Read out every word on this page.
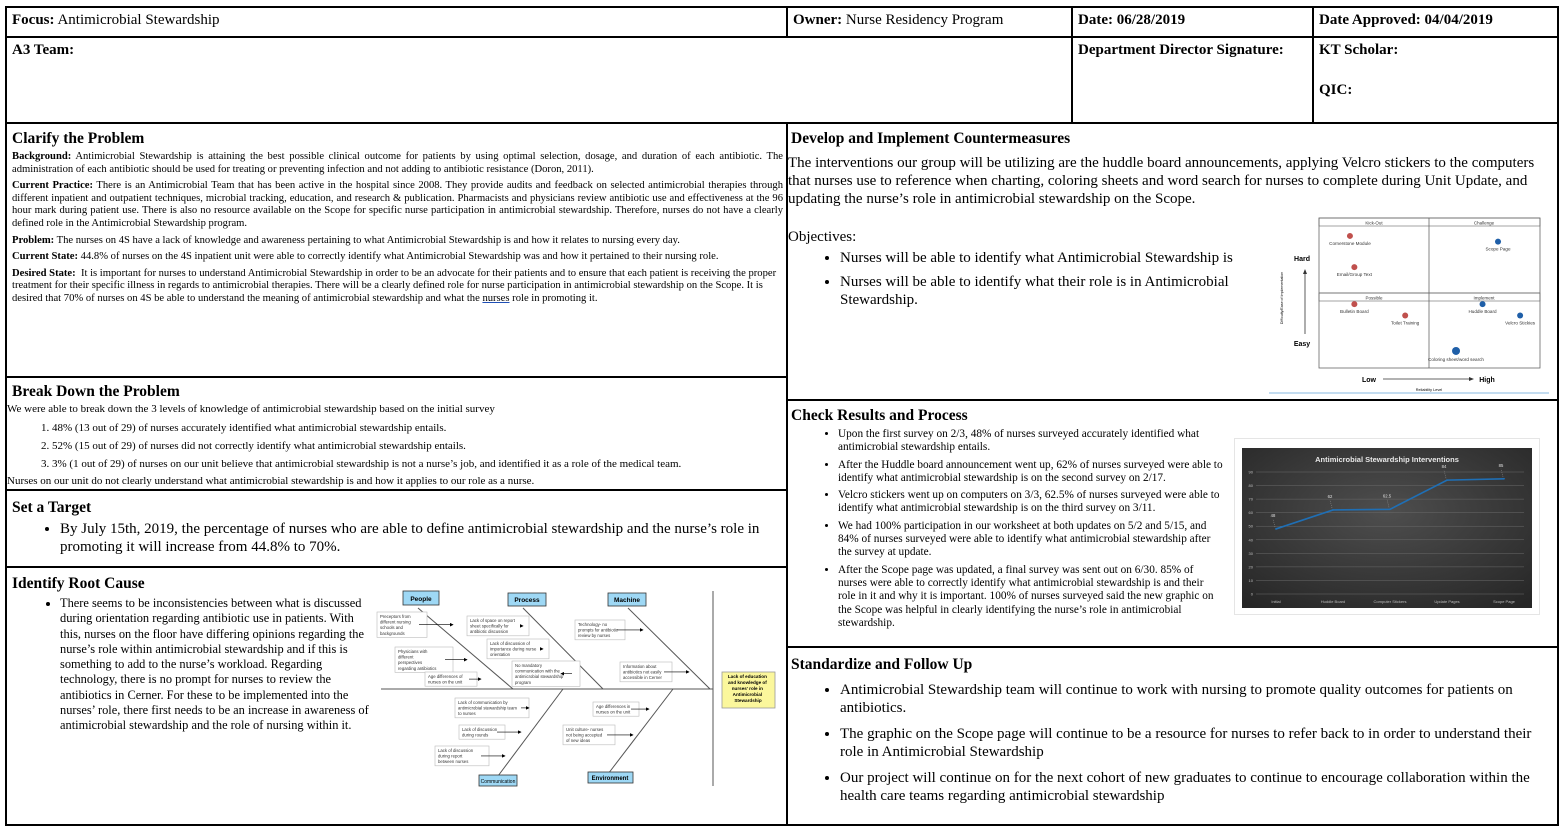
Focus: Antimicrobial Stewardship	Owner: Nurse Residency Program	Date: 06/28/2019	Date Approved: 04/04/2019
A3 Team:	Department Director Signature:	KT Scholar:
QIC:
Clarify the Problem

Background: Antimicrobial Stewardship is attaining the best possible clinical outcome for patients by using optimal selection, dosage, and duration of each antibiotic. The administration of each antibiotic should be used for treating or preventing infection and not adding to antibiotic resistance (Doron, 2011).

Current Practice: There is an Antimicrobial Team that has been active in the hospital since 2008. They provide audits and feedback on selected antimicrobial therapies through different inpatient and outpatient techniques, microbial tracking, education, and research & publication. Pharmacists and physicians review antibiotic use and effectiveness at the 96 hour mark during patient use. There is also no resource available on the Scope for specific nurse participation in antimicrobial stewardship. Therefore, nurses do not have a clearly defined role in the Antimicrobial Stewardship program.

Problem: The nurses on 4S have a lack of knowledge and awareness pertaining to what Antimicrobial Stewardship is and how it relates to nursing every day.

Current State: 44.8% of nurses on the 4S inpatient unit were able to correctly identify what Antimicrobial Stewardship was and how it pertained to their nursing role.

Desired State: It is important for nurses to understand Antimicrobial Stewardship in order to be an advocate for their patients and to ensure that each patient is receiving the proper treatment for their specific illness in regards to antimicrobial therapies. There will be a clearly defined role for nurse participation in antimicrobial stewardship on the Scope. It is desired that 70% of nurses on 4S be able to understand the meaning of antimicrobial stewardship and what the nurses role in promoting it.

Break Down the Problem
We were able to break down the 3 levels of knowledge of antimicrobial stewardship based on the initial survey
1. 48% (13 out of 29) of nurses accurately identified what antimicrobial stewardship entails.
2. 52% (15 out of 29) of nurses did not correctly identify what antimicrobial stewardship entails.
3. 3% (1 out of 29) of nurses on our unit believe that antimicrobial stewardship is not a nurse’s job, and identified it as a role of the medical team.
Nurses on our unit do not clearly understand what antimicrobial stewardship is and how it applies to our role as a nurse.
Set a Target
• By July 15th, 2019, the percentage of nurses who are able to define antimicrobial stewardship and the nurse’s role in promoting it will increase from 44.8% to 70%.
Identify Root Cause
• There seems to be inconsistencies between what is discussed during orientation regarding antibiotic use in patients. With this, nurses on the floor have differing opinions regarding the nurse’s role within antimicrobial stewardship and if this is something to add to the nurse’s workload. Regarding technology, there is no prompt for nurses to review the antibiotics in Cerner. For these to be implemented into the nurses’ role, there first needs to be an increase in awareness of antimicrobial stewardship and the role of nursing within it.
People	Process	Machine
Communication	Environment
Lack of education and knowledge of nurses' role in Antimicrobial Stewardship
Preceptors from
different nursing
schools and
backgrounds
Physicians with
different
perspectives
regarding antibiotics
Age differences of
nurses on the unit
Lack of space on report
sheet specifically for
antibiotic discussion
Lack of discussion of
importance during nurse
orientation
No mandatory
communication with the
antimicrobial stewardship
program
Technology- no
prompts for antibiotic
review by nurses
Information about
antibiotics not easily
accessible in Cerner
Lack of communication by
antimicrobial stewardship team
to nurses
Lack of discussion
during rounds
Lack of discussion
during report
between nurses
Age differences in
nurses on the unit
Unit culture- nurses
not being accepted
of new ideas
Develop and Implement Countermeasures
The interventions our group will be utilizing are the huddle board announcements, applying Velcro stickers to the computers that nurses use to reference when charting, coloring sheets and word search for nurses to complete during Unit Update, and updating the nurse’s role in antimicrobial stewardship on the Scope.
Objectives:
• Nurses will be able to identify what Antimicrobial Stewardship is
• Nurses will be able to identify what their role is in Antimicrobial Stewardship.
Kick-Out	Challenge
Possible	Implement
Hard
Easy
Difficulty/Ease of Implementation
Low	High
Reliability Level
Cornerstone Module
Email/Group Text
Scope Page
Bulletin Board
Toilet Training
Huddle Board
Velcro Stickies
Coloring sheet/word search
Check Results and Process
• Upon the first survey on 2/3, 48% of nurses surveyed accurately identified what antimicrobial stewardship entails.
• After the Huddle board announcement went up, 62% of nurses surveyed were able to identify what antimicrobial stewardship is on the second survey on 2/17.
• Velcro stickers went up on computers on 3/3, 62.5% of nurses surveyed were able to identify what antimicrobial stewardship is on the third survey on 3/11.
• We had 100% participation in our worksheet at both updates on 5/2 and 5/15, and 84% of nurses surveyed were able to identify what antimicrobial stewardship after the survey at update.
• After the Scope page was updated, a final survey was sent out on 6/30. 85% of nurses were able to correctly identify what antimicrobial stewardship is and their role in it and why it is important. 100% of nurses surveyed said the new graphic on the Scope was helpful in clearly identifying the nurse’s role in antimicrobial stewardship.
Antimicrobial Stewardship Interventions
0
10
20
30
40
50
60
70
80
90
Initial	Huddle Board	Computer Stickers	Update Pages	Scope Page
48
62	62.5
84	85
Standardize and Follow Up
• Antimicrobial Stewardship team will continue to work with nursing to promote quality outcomes for patients on antibiotics.
• The graphic on the Scope page will continue to be a resource for nurses to refer back to in order to understand their role in Antimicrobial Stewardship
• Our project will continue on for the next cohort of new graduates to continue to encourage collaboration within the health care teams regarding antimicrobial stewardship
